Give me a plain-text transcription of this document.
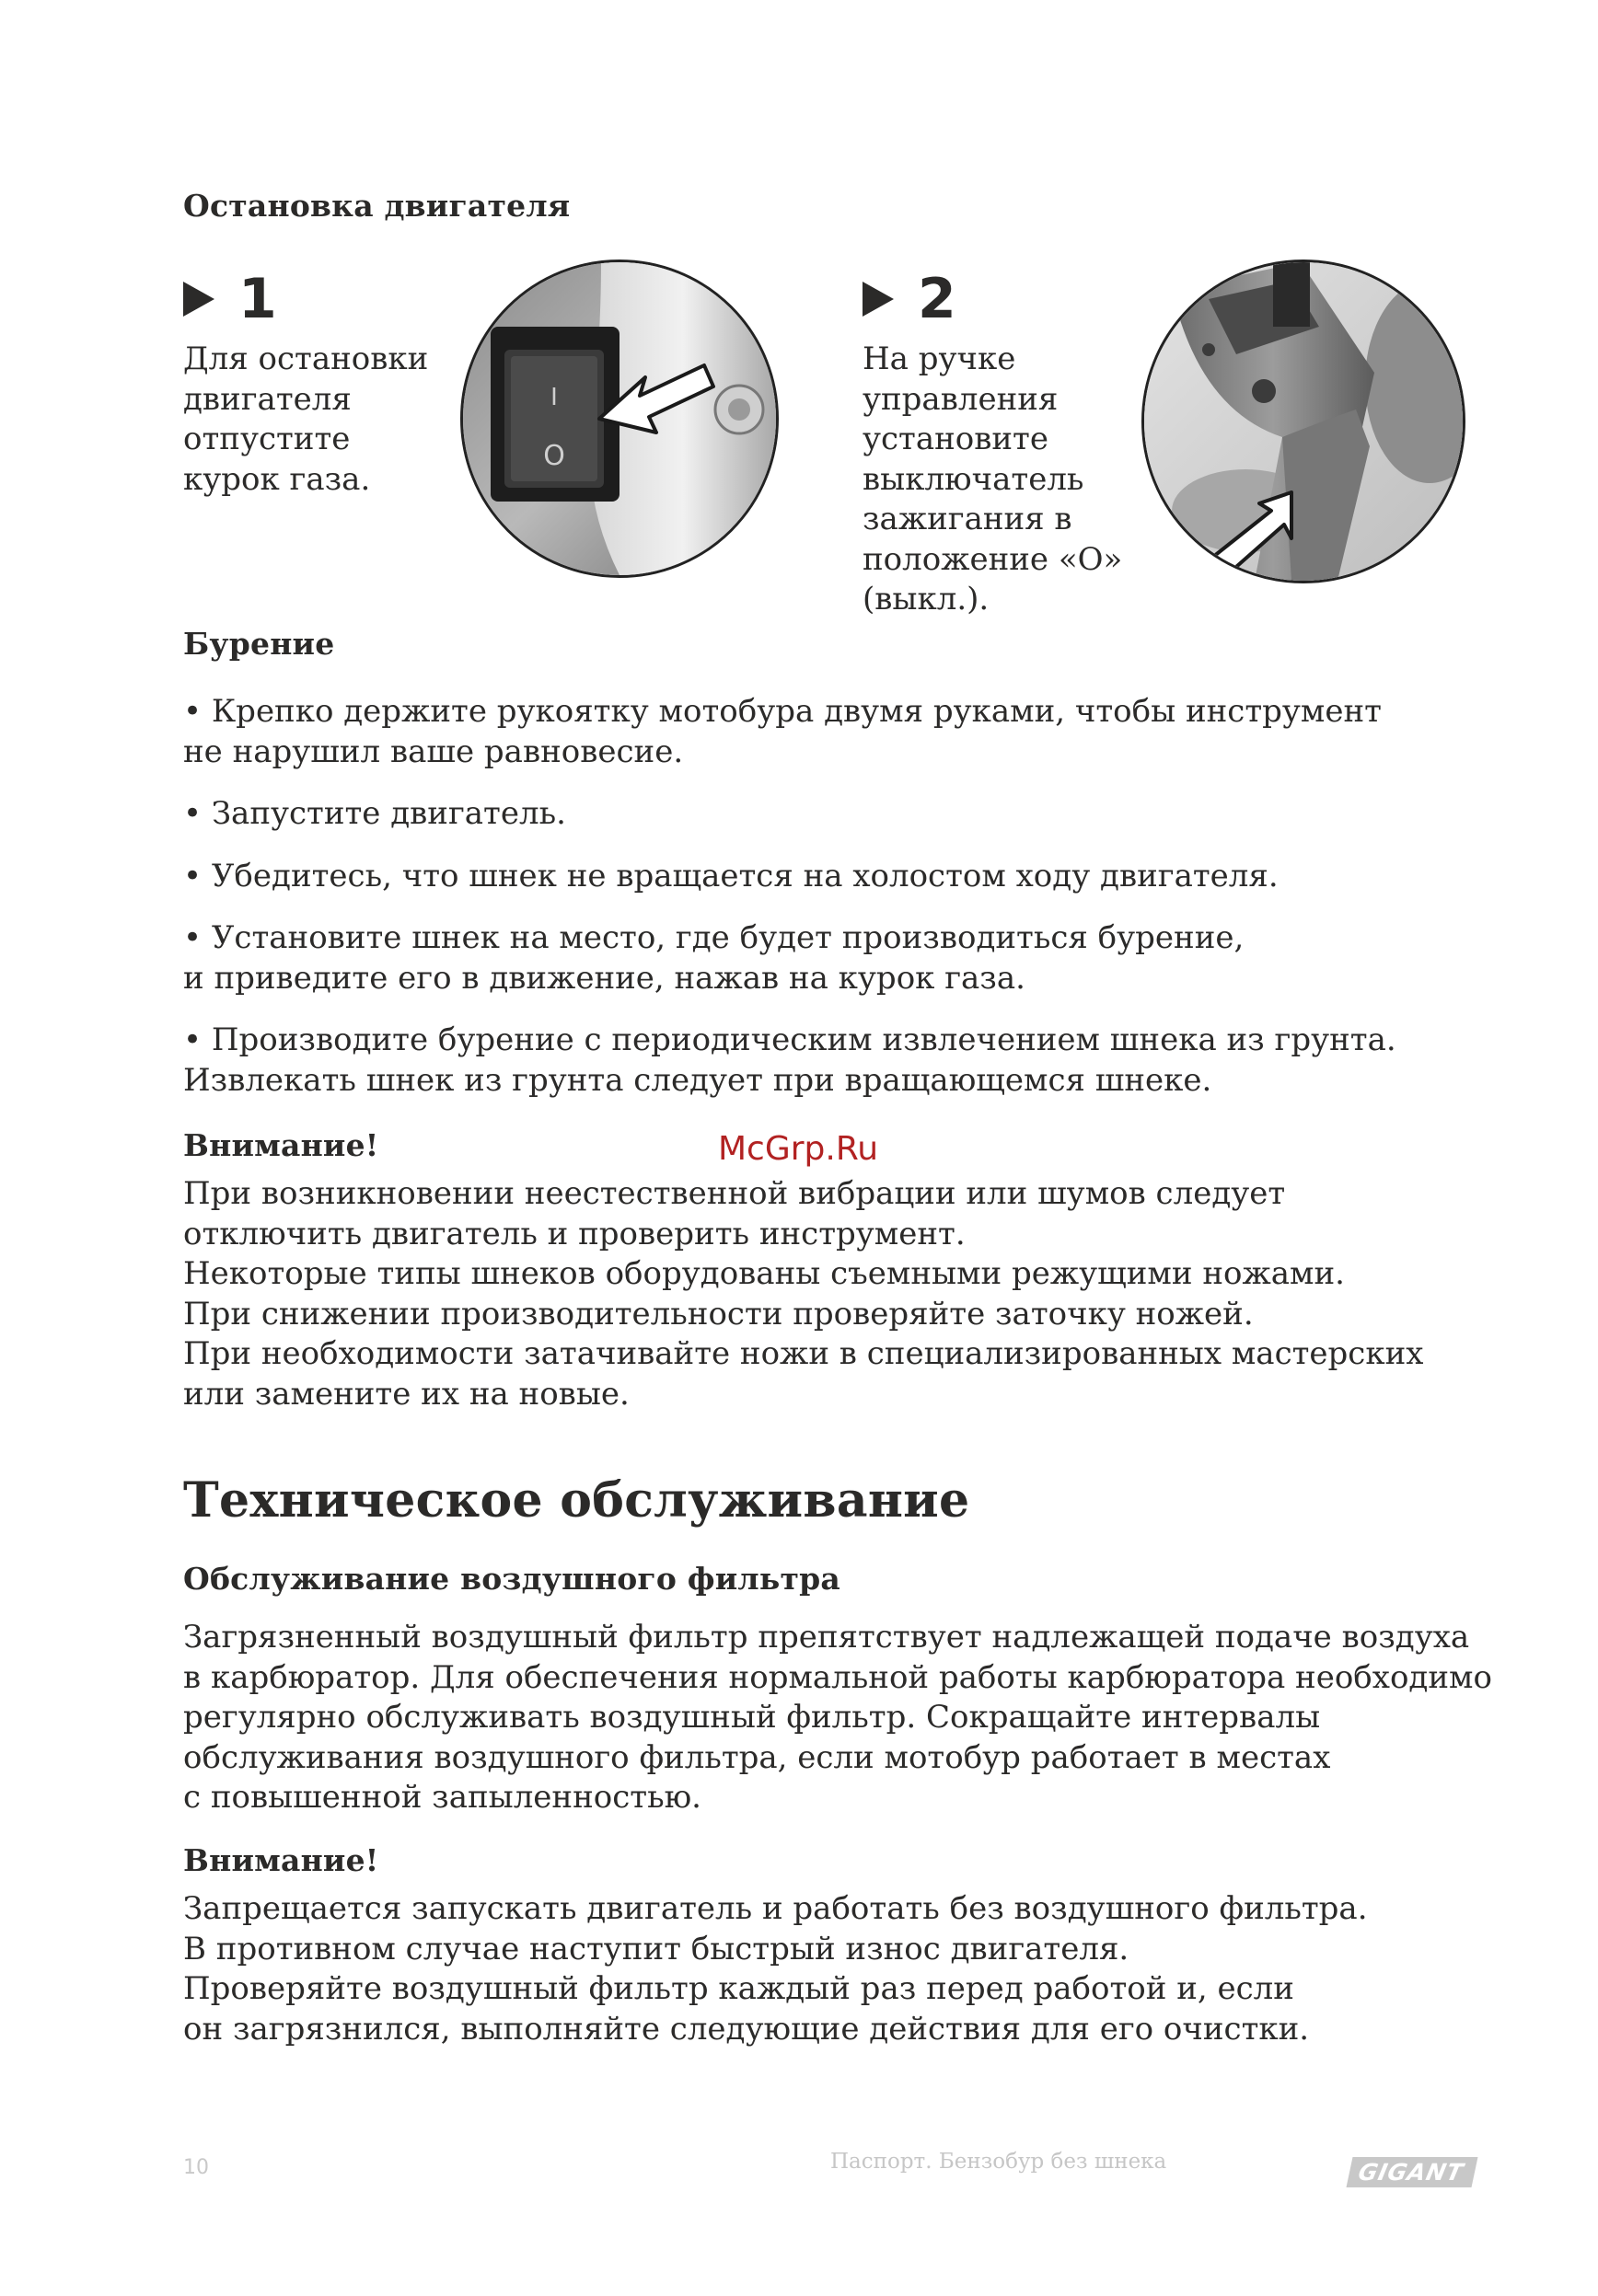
Остановка двигателя
1
Для остановки
двигателя
отпустите
курок газа.
I
O
2
На ручке
управления
установите
выключатель
зажигания в
положение «О»
(выкл.).
Бурение
• Крепко держите рукоятку мотобура двумя руками, чтобы инструмент
не нарушил ваше равновесие.
• Запустите двигатель.
• Убедитесь, что шнек не вращается на холостом ходу двигателя.
• Установите шнек на место, где будет производиться бурение,
и приведите его в движение, нажав на курок газа.
• Производите бурение с периодическим извлечением шнека из грунта.
Извлекать шнек из грунта следует при вращающемся шнеке.
Внимание!	McGrp.Ru
При возникновении неестественной вибрации или шумов следует
отключить двигатель и проверить инструмент.
Некоторые типы шнеков оборудованы съемными режущими ножами.
При снижении производительности проверяйте заточку ножей.
При необходимости затачивайте ножи в специализированных мастерских
или замените их на новые.
Техническое обслуживание
Обслуживание воздушного фильтра
Загрязненный воздушный фильтр препятствует надлежащей подаче воздуха
в карбюратор. Для обеспечения нормальной работы карбюратора необходимо
регулярно обслуживать воздушный фильтр. Сокращайте интервалы
обслуживания воздушного фильтра, если мотобур работает в местах
с повышенной запыленностью.
Внимание!
Запрещается запускать двигатель и работать без воздушного фильтра.
В противном случае наступит быстрый износ двигателя.
Проверяйте воздушный фильтр каждый раз перед работой и, если
он загрязнился, выполняйте следующие действия для его очистки.
10	Паспорт. Бензобур без шнека	GIGANT
